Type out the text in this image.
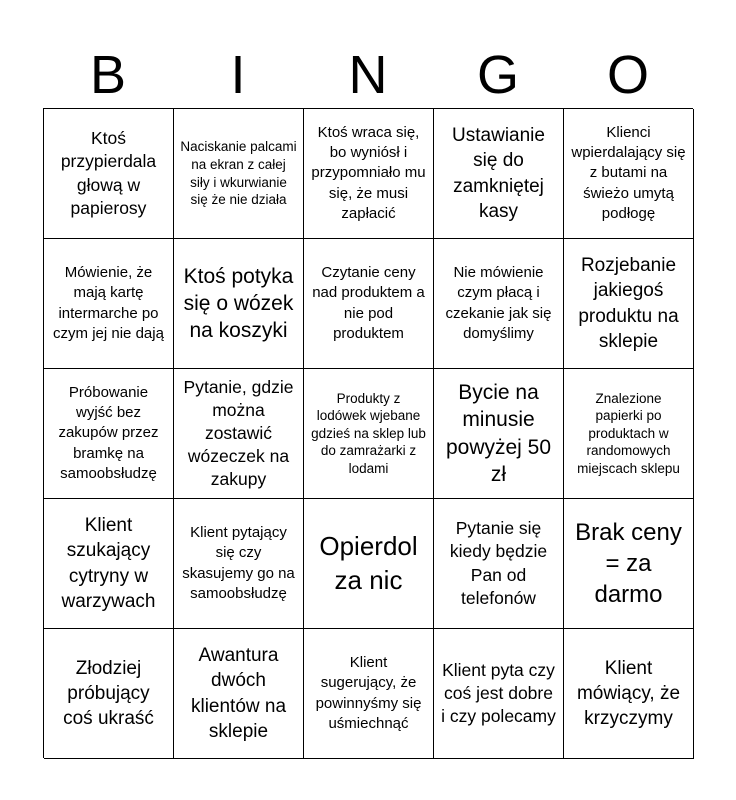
B	I	N	G	O
Ktoś przypierdala głową w papierosy
Naciskanie palcami na ekran z całej siły i wkurwianie się że nie działa
Ktoś wraca się, bo wyniósł i przypomniało mu się, że musi zapłacić
Ustawianie się do zamkniętej kasy
Klienci wpierdalający się z butami na świeżo umytą podłogę
Mówienie, że mają kartę intermarche po czym jej nie dają
Ktoś potyka się o wózek na koszyki
Czytanie ceny nad produktem a nie pod produktem
Nie mówienie czym płacą i czekanie jak się domyślimy
Rozjebanie jakiegoś produktu na sklepie
Próbowanie wyjść bez zakupów przez bramkę na samoobsłudzę
Pytanie, gdzie można zostawić wózeczek na zakupy
Produkty z lodówek wjebane gdzieś na sklep lub do zamrażarki z lodami
Bycie na minusie powyżej 50 zł
Znalezione papierki po produktach w randomowych miejscach sklepu
Klient szukający cytryny w warzywach
Klient pytający się czy skasujemy go na samoobsłudzę
Opierdol za nic
Pytanie się kiedy będzie Pan od telefonów
Brak ceny = za darmo
Złodziej próbujący coś ukraść
Awantura dwóch klientów na sklepie
Klient sugerujący, że powinnyśmy się uśmiechnąć
Klient pyta czy coś jest dobre i czy polecamy
Klient mówiący, że krzyczymy
